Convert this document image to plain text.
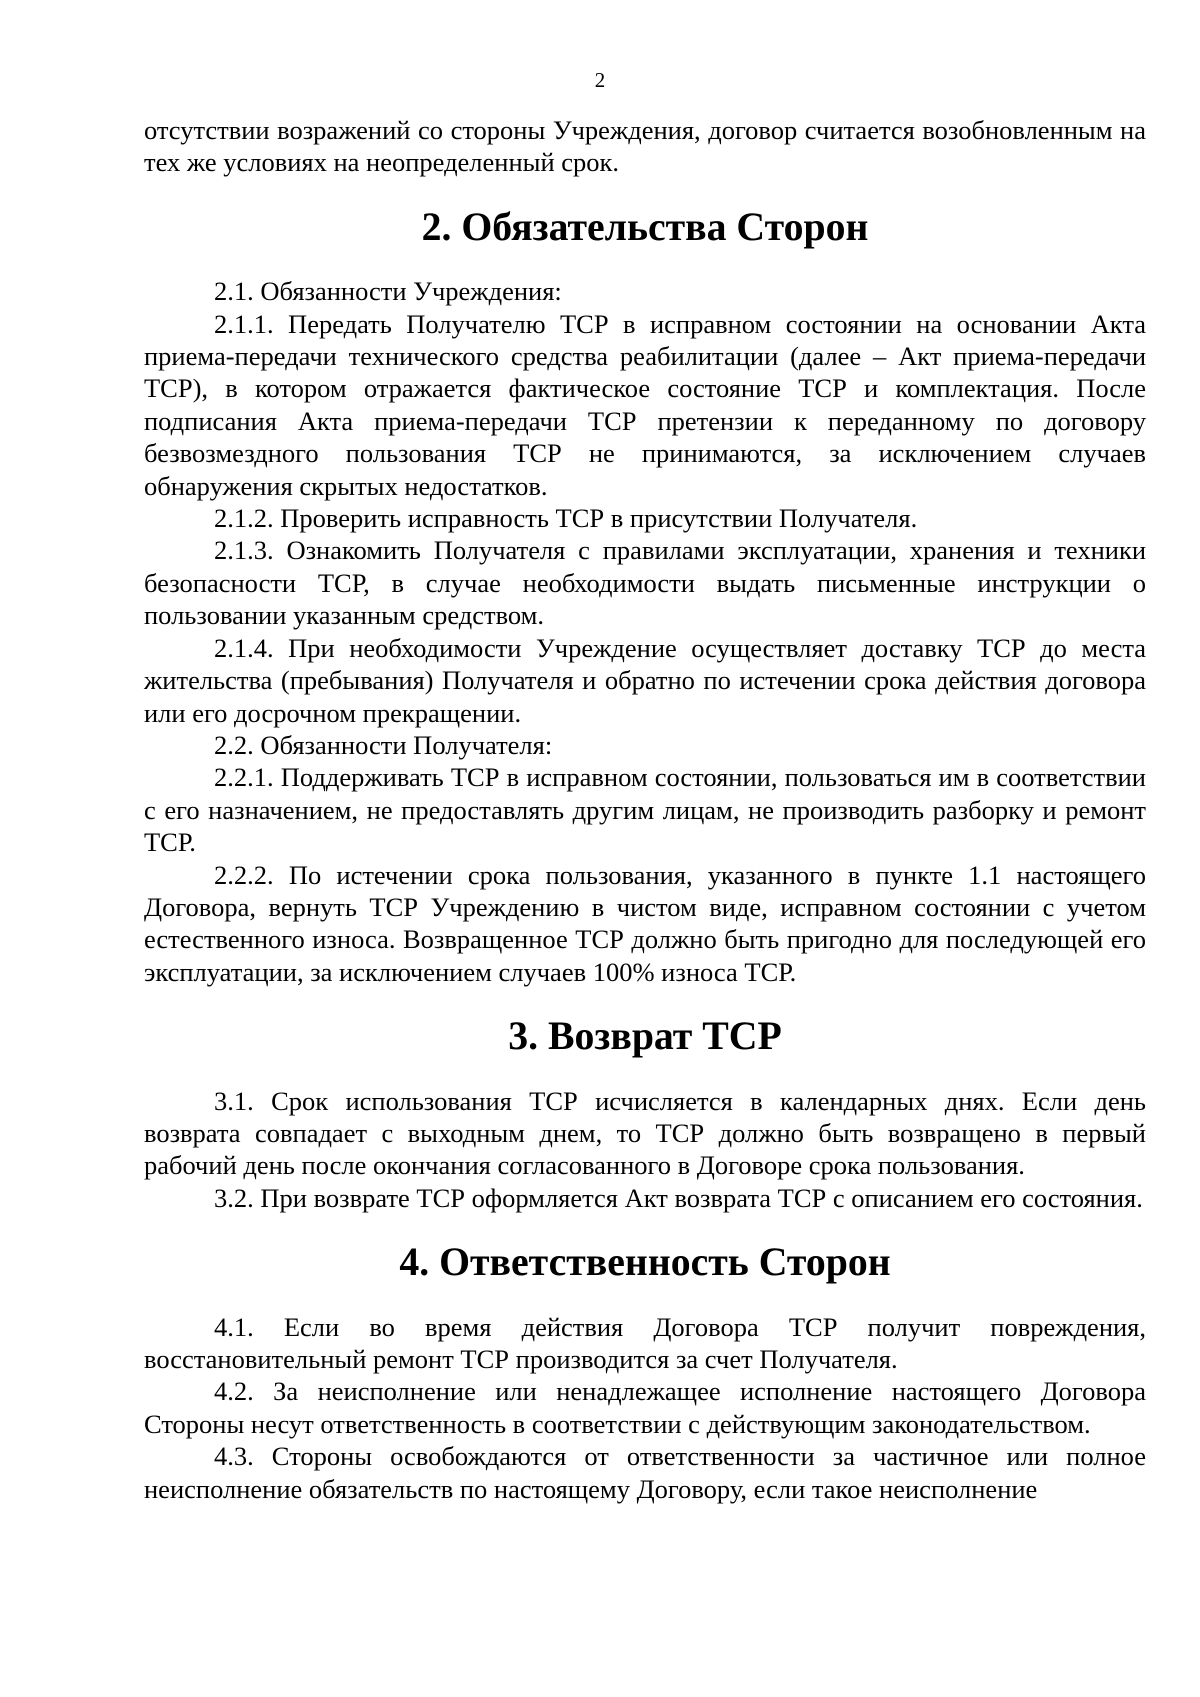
2

отсутствии возражений со стороны Учреждения, договор считается возобновленным на тех же условиях на неопределенный срок.

2. Обязательства Сторон

2.1. Обязанности Учреждения:

2.1.1. Передать Получателю ТСР в исправном состоянии на основании Акта приема-передачи технического средства реабилитации (далее – Акт приема-передачи ТСР), в котором отражается фактическое состояние ТСР и комплектация. После подписания Акта приема-передачи ТСР претензии к переданному по договору безвозмездного пользования ТСР не принимаются, за исключением случаев обнаружения скрытых недостатков.

2.1.2. Проверить исправность ТСР в присутствии Получателя.

2.1.3. Ознакомить Получателя с правилами эксплуатации, хранения и техники безопасности ТСР, в случае необходимости выдать письменные инструкции о пользовании указанным средством.

2.1.4. При необходимости Учреждение осуществляет доставку ТСР до места жительства (пребывания) Получателя и обратно по истечении срока действия договора или его досрочном прекращении.

2.2. Обязанности Получателя:

2.2.1. Поддерживать ТСР в исправном состоянии, пользоваться им в соответствии с его назначением, не предоставлять другим лицам, не производить разборку и ремонт ТСР.

2.2.2. По истечении срока пользования, указанного в пункте 1.1 настоящего Договора, вернуть ТСР Учреждению в чистом виде, исправном состоянии с учетом естественного износа. Возвращенное ТСР должно быть пригодно для последующей его эксплуатации, за исключением случаев 100% износа ТСР.

3. Возврат ТСР

3.1. Срок использования ТСР исчисляется в календарных днях. Если день возврата совпадает с выходным днем, то ТСР должно быть возвращено в первый рабочий день после окончания согласованного в Договоре срока пользования.

3.2. При возврате ТСР оформляется Акт возврата ТСР с описанием его состояния.

4. Ответственность Сторон

4.1. Если во время действия Договора ТСР получит повреждения, восстановительный ремонт ТСР производится за счет Получателя.

4.2. За неисполнение или ненадлежащее исполнение настоящего Договора Стороны несут ответственность в соответствии с действующим законодательством.

4.3. Стороны освобождаются от ответственности за частичное или полное неисполнение обязательств по настоящему Договору, если такое неисполнение
